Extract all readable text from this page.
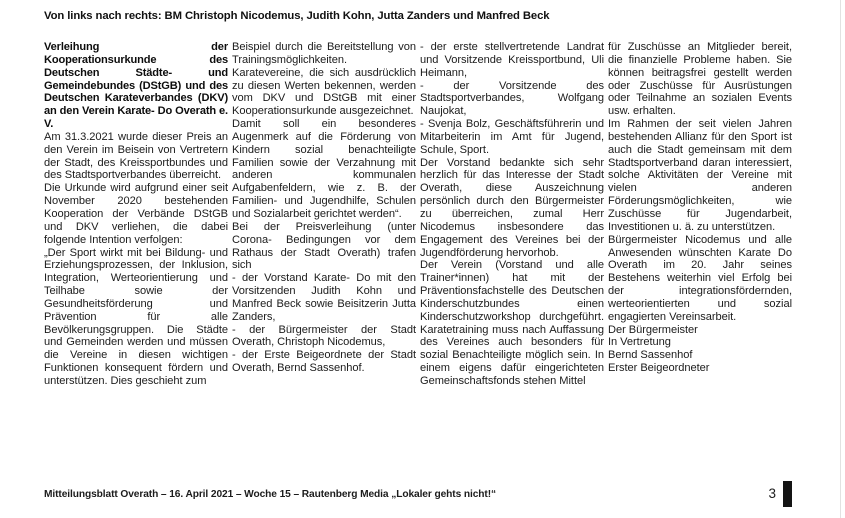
Von links nach rechts: BM Christoph Nicodemus, Judith Kohn, Jutta Zanders und Manfred Beck

Verleihung der Kooperationsurkunde des Deutschen Städte- und Gemeindebundes (DStGB) und des Deutschen Karateverbandes (DKV) an den Verein Karate- Do Overath e. V.

Am 31.3.2021 wurde dieser Preis an den Verein im Beisein von Vertretern der Stadt, des Kreissportbundes und des Stadtsportverbandes überreicht.

Die Urkunde wird aufgrund einer seit November 2020 bestehenden Kooperation der Verbände DStGB und DKV verliehen, die dabei folgende Intention verfolgen:

„Der Sport wirkt mit bei Bildung- und Erziehungsprozessen, der Inklusion, Integration, Werteorientierung und Teilhabe sowie der Gesundheitsförderung und Prävention für alle Bevölkerungsgruppen. Die Städte und Gemeinden werden und müssen die Vereine in diesen wichtigen Funktionen konsequent fördern und unterstützen. Dies geschieht zum

Beispiel durch die Bereitstellung von Trainingsmöglichkeiten.

Karatevereine, die sich ausdrücklich zu diesen Werten bekennen, werden vom DKV und DStGB mit einer Kooperationsurkunde ausgezeichnet.

Damit soll ein besonderes Augenmerk auf die Förderung von Kindern sozial benachteiligte Familien sowie der Verzahnung mit anderen kommunalen Aufgabenfeldern, wie z. B. der Familien- und Jugendhilfe, Schulen und Sozialarbeit gerichtet werden“.

Bei der Preisverleihung (unter Corona- Bedingungen vor dem Rathaus der Stadt Overath) trafen sich

- der Vorstand Karate- Do mit den Vorsitzenden Judith Kohn und Manfred Beck sowie Beisitzerin Jutta Zanders,

- der Bürgermeister der Stadt Overath, Christoph Nicodemus,

- der Erste Beigeordnete der Stadt Overath, Bernd Sassenhof.

- der erste stellvertretende Landrat und Vorsitzende Kreissportbund, Uli Heimann,

- der Vorsitzende des Stadtsportverbandes, Wolfgang Naujokat,

- Svenja Bolz, Geschäftsführerin und Mitarbeiterin im Amt für Jugend, Schule, Sport.

Der Vorstand bedankte sich sehr herzlich für das Interesse der Stadt Overath, diese Auszeichnung persönlich durch den Bürgermeister zu überreichen, zumal Herr Nicodemus insbesondere das Engagement des Vereines bei der Jugendförderung hervorhob.

Der Verein (Vorstand und alle Trainer*innen) hat mit der Präventionsfachstelle des Deutschen Kinderschutzbundes einen Kinderschutzworkshop durchgeführt. Karatetraining muss nach Auffassung des Vereines auch besonders für sozial Benachteiligte möglich sein. In einem eigens dafür eingerichteten Gemeinschaftsfonds stehen Mittel

für Zuschüsse an Mitglieder bereit, die finanzielle Probleme haben. Sie können beitragsfrei gestellt werden oder Zuschüsse für Ausrüstungen oder Teilnahme an sozialen Events usw. erhalten.

Im Rahmen der seit vielen Jahren bestehenden Allianz für den Sport ist auch die Stadt gemeinsam mit dem Stadtsportverband daran interessiert, solche Aktivitäten der Vereine mit vielen anderen Förderungsmöglichkeiten, wie Zuschüsse für Jugendarbeit, Investitionen u. ä. zu unterstützen.

Bürgermeister Nicodemus und alle Anwesenden wünschten Karate Do Overath im 20. Jahr seines Bestehens weiterhin viel Erfolg bei der integrationsfördernden, werteorientierten und sozial engagierten Vereinsarbeit.

Der Bürgermeister

In Vertretung

Bernd Sassenhof

Erster Beigeordneter

Mitteilungsblatt Overath – 16. April 2021 – Woche 15 – Rautenberg Media „Lokaler gehts nicht!“	3
